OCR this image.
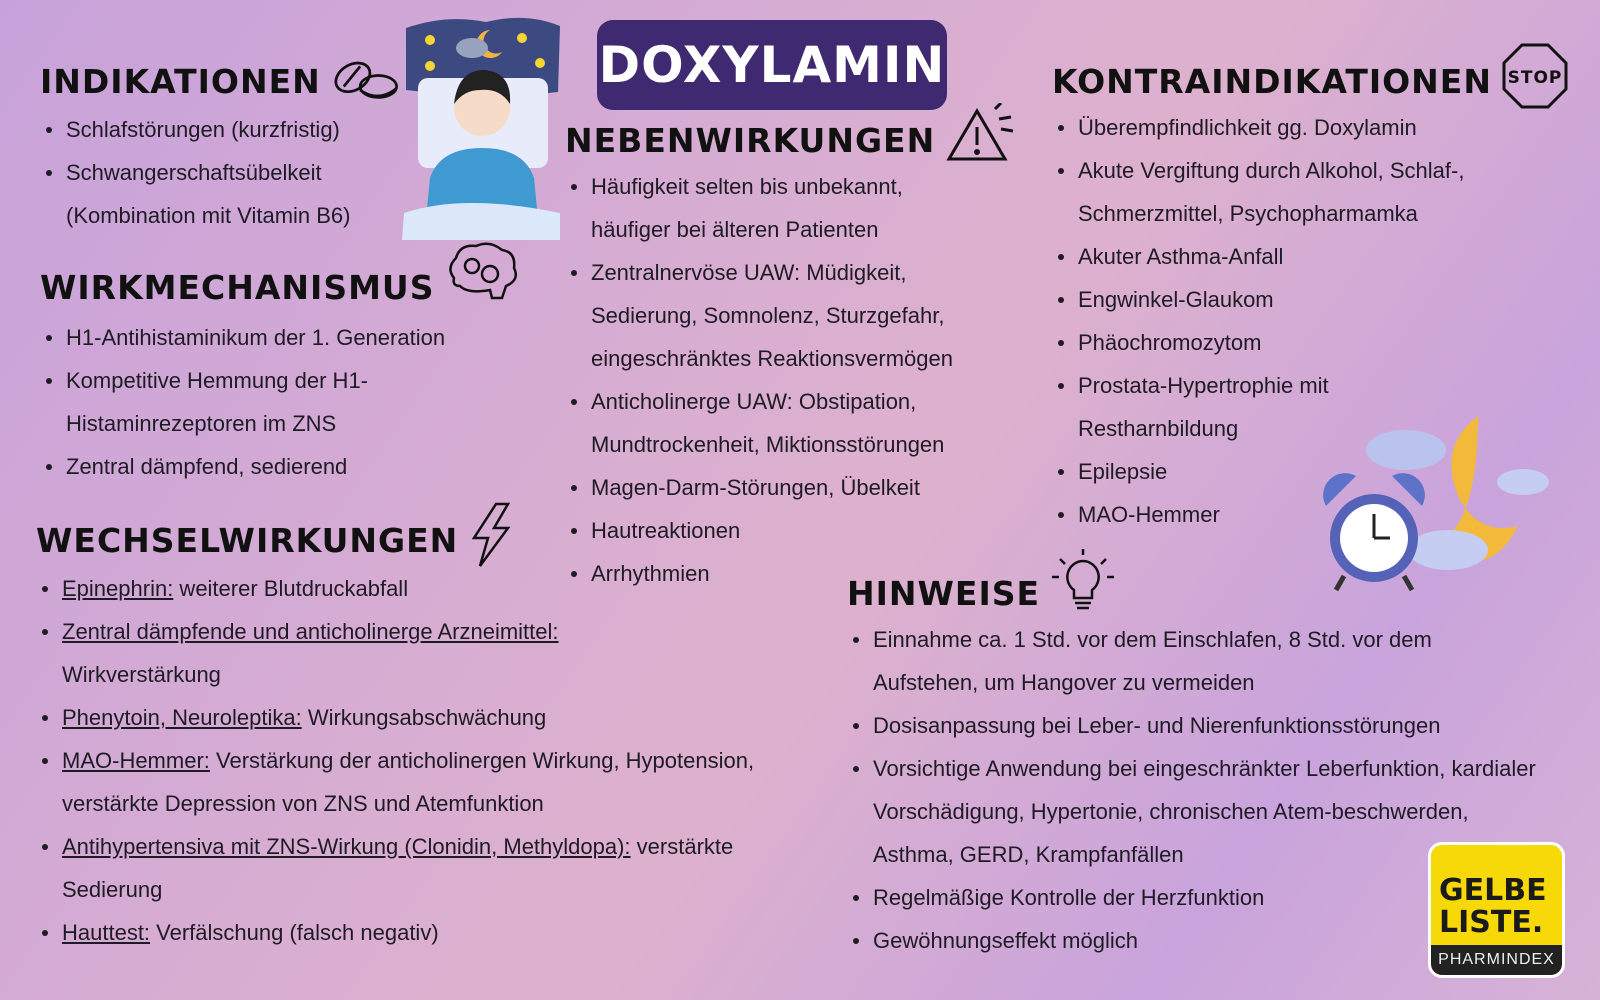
DOXYLAMIN
INDIKATIONEN
Schlafstörungen (kurzfristig)
Schwangerschaftsübelkeit (Kombination mit Vitamin B6)
WIRKMECHANISMUS
H1-Antihistaminikum der 1. Generation
Kompetitive Hemmung der H1-Histaminrezeptoren im ZNS
Zentral dämpfend, sedierend
WECHSELWIRKUNGEN
Epinephrin: weiterer Blutdruckabfall
Zentral dämpfende und anticholinerge Arzneimittel: Wirkverstärkung
Phenytoin, Neuroleptika: Wirkungsabschwächung
MAO-Hemmer: Verstärkung der anticholinergen Wirkung, Hypotension, verstärkte Depression von ZNS und Atemfunktion
Antihypertensiva mit ZNS-Wirkung (Clonidin, Methyldopa): verstärkte Sedierung
Hauttest: Verfälschung (falsch negativ)
NEBENWIRKUNGEN
Häufigkeit selten bis unbekannt, häufiger bei älteren Patienten
Zentralnervöse UAW: Müdigkeit, Sedierung, Somnolenz, Sturzgefahr, eingeschränktes Reaktionsvermögen
Anticholinerge UAW: Obstipation, Mundtrockenheit, Miktionsstörungen
Magen-Darm-Störungen, Übelkeit
Hautreaktionen
Arrhythmien
KONTRAINDIKATIONEN STOP
Überempfindlichkeit gg. Doxylamin
Akute Vergiftung durch Alkohol, Schlaf-, Schmerzmittel, Psychopharmamka
Akuter Asthma-Anfall
Engwinkel-Glaukom
Phäochromozytom
Prostata-Hypertrophie mit Restharnbildung
Epilepsie
MAO-Hemmer
HINWEISE
Einnahme ca. 1 Std. vor dem Einschlafen, 8 Std. vor dem Aufstehen, um Hangover zu vermeiden
Dosisanpassung bei Leber- und Nierenfunktionsstörungen
Vorsichtige Anwendung bei eingeschränkter Leberfunktion, kardialer Vorschädigung, Hypertonie, chronischen Atem-beschwerden, Asthma, GERD, Krampfanfällen
Regelmäßige Kontrolle der Herzfunktion
Gewöhnungseffekt möglich
GELBE
LISTE.
PHARMINDEX
